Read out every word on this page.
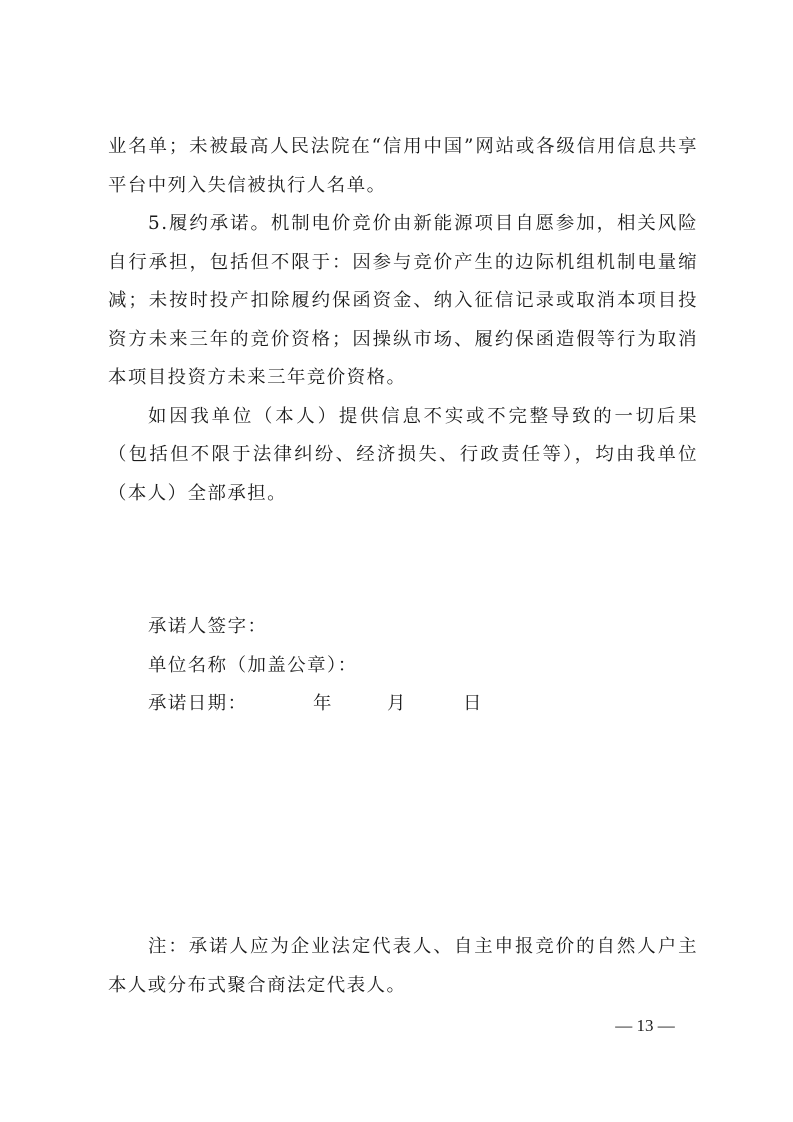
业名单；未被最高人民法院在“信用中国”网站或各级信用信息共享平台中列入失信被执行人名单。

5.履约承诺。机制电价竞价由新能源项目自愿参加，相关风险自行承担，包括但不限于：因参与竞价产生的边际机组机制电量缩减；未按时投产扣除履约保函资金、纳入征信记录或取消本项目投资方未来三年的竞价资格；因操纵市场、履约保函造假等行为取消本项目投资方未来三年竞价资格。

如因我单位（本人）提供信息不实或不完整导致的一切后果（包括但不限于法律纠纷、经济损失、行政责任等），均由我单位（本人）全部承担。

承诺人签字：

单位名称（加盖公章）：

承诺日期：	年	月	日

注：承诺人应为企业法定代表人、自主申报竞价的自然人户主本人或分布式聚合商法定代表人。

— 13 —
